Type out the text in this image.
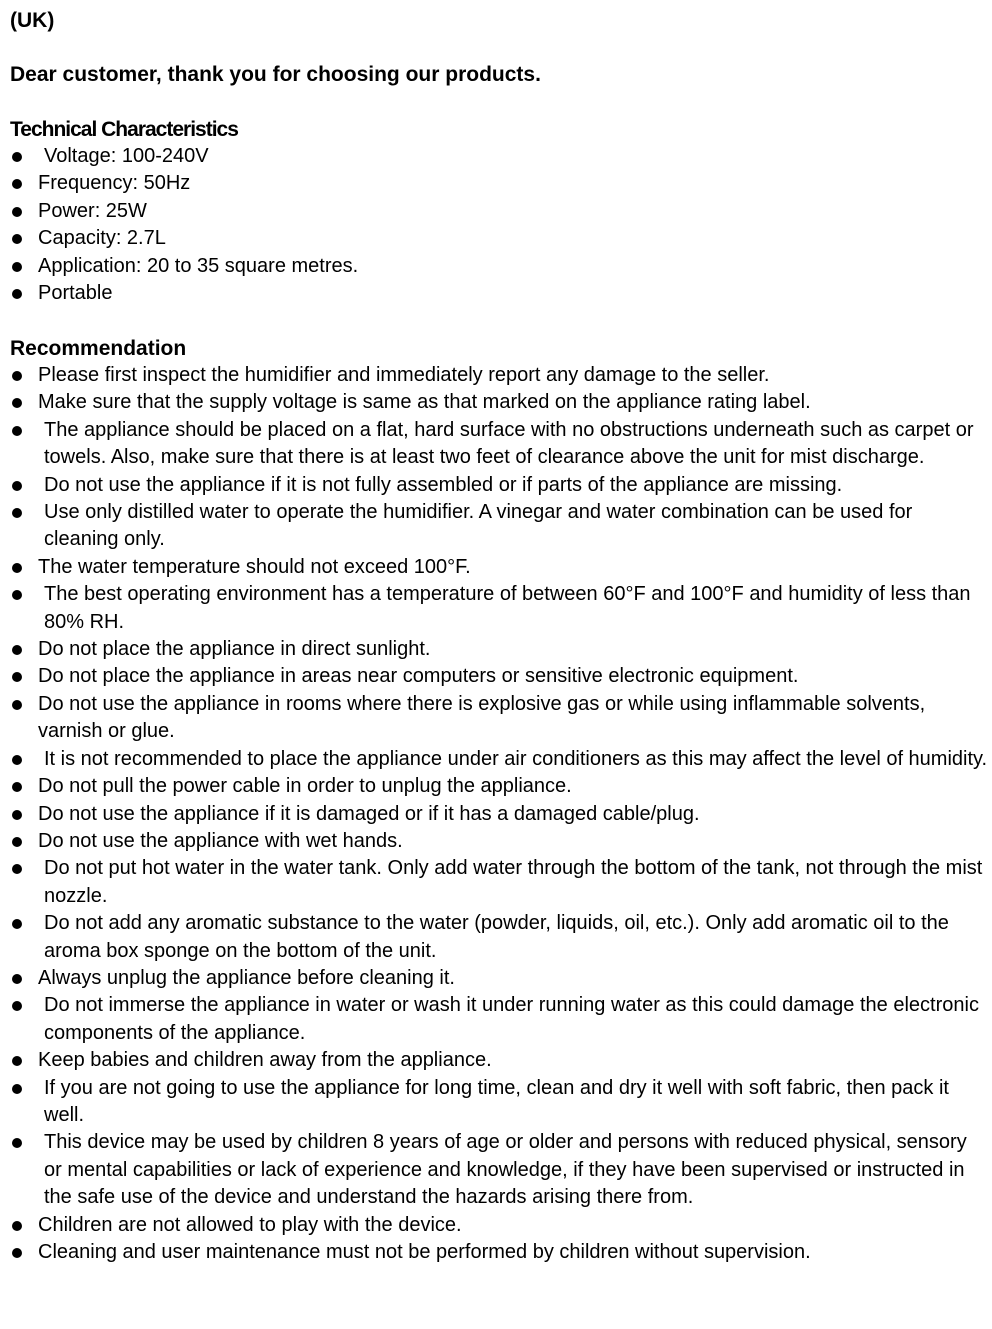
(UK)
Dear customer, thank you for choosing our products.
Technical Characteristics
Voltage: 100-240V
Frequency: 50Hz
Power: 25W
Capacity: 2.7L
Application: 20 to 35 square metres.
Portable
Recommendation
Please first inspect the humidifier and immediately report any damage to the seller.
Make sure that the supply voltage is same as that marked on the appliance rating label.
The appliance should be placed on a flat, hard surface with no obstructions underneath such as carpet or towels. Also, make sure that there is at least two feet of clearance above the unit for mist discharge.
Do not use the appliance if it is not fully assembled or if parts of the appliance are missing.
Use only distilled water to operate the humidifier. A vinegar and water combination can be used for cleaning only.
The water temperature should not exceed 100°F.
The best operating environment has a temperature of between 60°F and 100°F and humidity of less than 80% RH.
Do not place the appliance in direct sunlight.
Do not place the appliance in areas near computers or sensitive electronic equipment.
Do not use the appliance in rooms where there is explosive gas or while using inflammable solvents, varnish or glue.
It is not recommended to place the appliance under air conditioners as this may affect the level of humidity.
Do not pull the power cable in order to unplug the appliance.
Do not use the appliance if it is damaged or if it has a damaged cable/plug.
Do not use the appliance with wet hands.
Do not put hot water in the water tank. Only add water through the bottom of the tank, not through the mist nozzle.
Do not add any aromatic substance to the water (powder, liquids, oil, etc.). Only add aromatic oil to the aroma box sponge on the bottom of the unit.
Always unplug the appliance before cleaning it.
Do not immerse the appliance in water or wash it under running water as this could damage the electronic components of the appliance.
Keep babies and children away from the appliance.
If you are not going to use the appliance for long time, clean and dry it well with soft fabric, then pack it well.
This device may be used by children 8 years of age or older and persons with reduced physical, sensory or mental capabilities or lack of experience and knowledge, if they have been supervised or instructed in the safe use of the device and understand the hazards arising there from.
Children are not allowed to play with the device.
Cleaning and user maintenance must not be performed by children without supervision.
